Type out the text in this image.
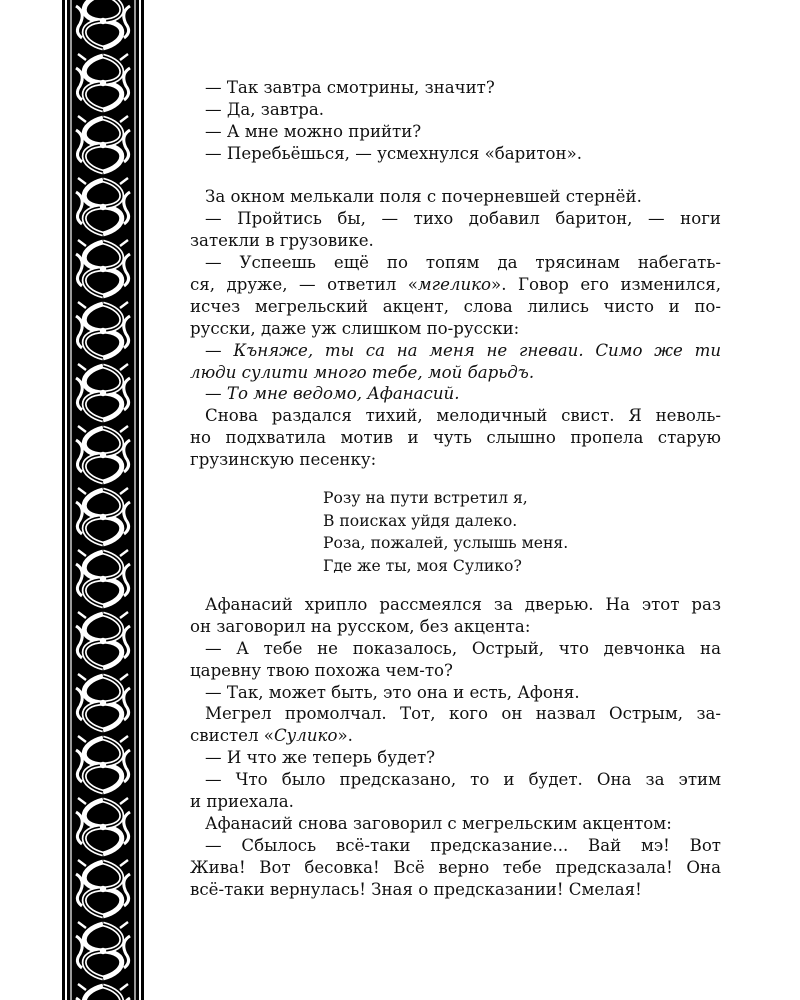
— Так завтра смотрины, значит?
— Да, завтра.
— А мне можно прийти?
— Перебьёшься, — усмехнулся «баритон».
За окном мелькали поля с почерневшей стернёй.
— Пройтись бы, — тихо добавил баритон, — ноги
затекли в грузовике.
— Успеешь ещё по топям да трясинам набегать-
ся, друже, — ответил «мгелико». Говор его изменился,
исчез мегрельский акцент, слова лились чисто и по-
русски, даже уж слишком по-русски:
— Къняже, ты са на меня не гневаи. Симо же ти
люди сулити много тебе, мой барьдъ.
— То мне ведомо, Афанасий.
Снова раздался тихий, мелодичный свист. Я неволь-
но подхватила мотив и чуть слышно пропела старую
грузинскую песенку:
Розу на пути встретил я,
В поисках уйдя далеко.
Роза, пожалей, услышь меня.
Где же ты, моя Сулико?
Афанасий хрипло рассмеялся за дверью. На этот раз
он заговорил на русском, без акцента:
— А тебе не показалось, Острый, что девчонка на
царевну твою похожа чем-то?
— Так, может быть, это она и есть, Афоня.
Мегрел промолчал. Тот, кого он назвал Острым, за-
свистел «Сулико».
— И что же теперь будет?
— Что было предсказано, то и будет. Она за этим
и приехала.
Афанасий снова заговорил с мегрельским акцентом:
— Сбылось всё-таки предсказание... Вай мэ! Вот
Жива! Вот бесовка! Всё верно тебе предсказала! Она
всё-таки вернулась! Зная о предсказании! Смелая!
